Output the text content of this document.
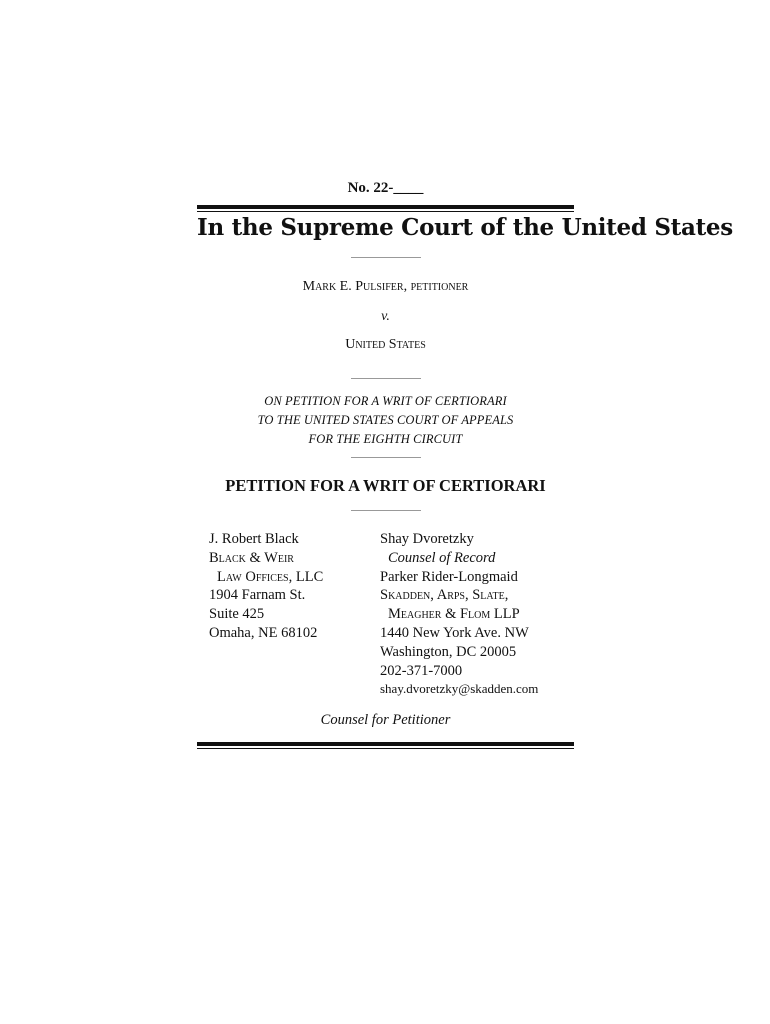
No. 22-____
In the Supreme Court of the United States
Mark E. Pulsifer, petitioner
v.
United States
ON PETITION FOR A WRIT OF CERTIORARI
TO THE UNITED STATES COURT OF APPEALS
FOR THE EIGHTH CIRCUIT
PETITION FOR A WRIT OF CERTIORARI
J. Robert Black
Black & Weir
Law Offices, LLC
1904 Farnam St.
Suite 425
Omaha, NE 68102
Shay Dvoretzky
Counsel of Record
Parker Rider-Longmaid
Skadden, Arps, Slate,
Meagher & Flom LLP
1440 New York Ave. NW
Washington, DC 20005
202-371-7000
shay.dvoretzky@skadden.com
Counsel for Petitioner
